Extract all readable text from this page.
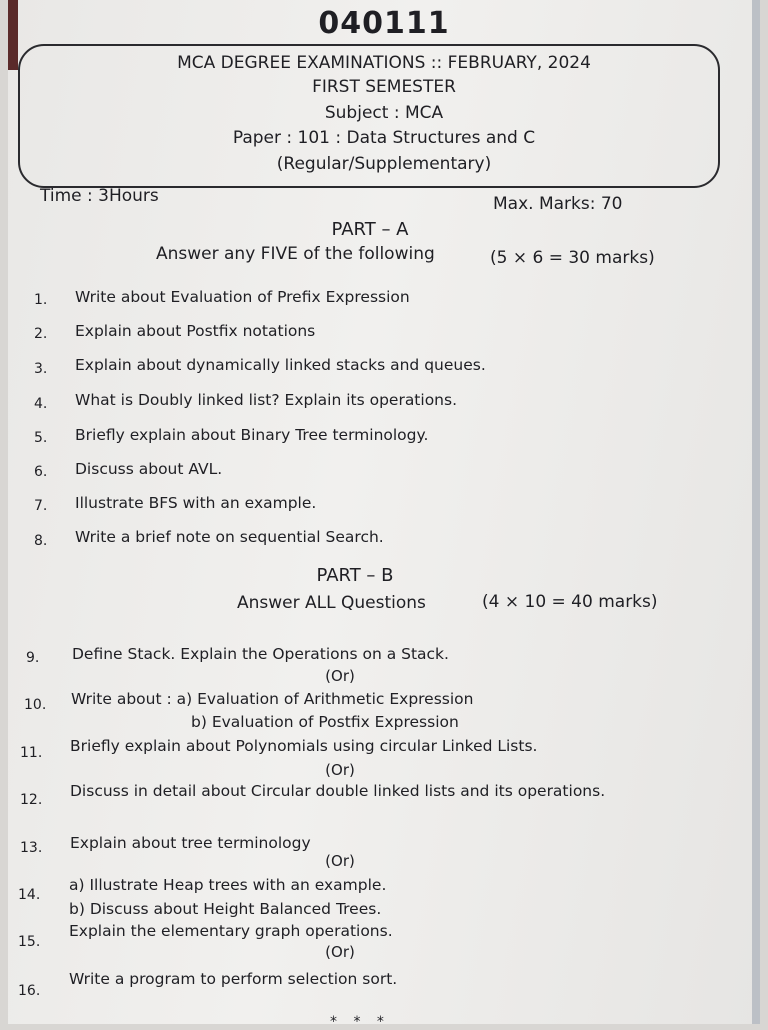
040111
MCA DEGREE EXAMINATIONS :: FEBRUARY, 2024
FIRST SEMESTER
Subject : MCA
Paper : 101 : Data Structures and C
(Regular/Supplementary)
Time : 3Hours	Max. Marks: 70
PART – A
Answer any FIVE of the following	(5 × 6 = 30 marks)
1. Write about Evaluation of Prefix Expression
2. Explain about Postfix notations
3. Explain about dynamically linked stacks and queues.
4. What is Doubly linked list? Explain its operations.
5. Briefly explain about Binary Tree terminology.
6. Discuss about AVL.
7. Illustrate BFS with an example.
8. Write a brief note on sequential Search.
PART – B
Answer ALL Questions	(4 × 10 = 40 marks)
9. Define Stack. Explain the Operations on a Stack.
(Or)
10. Write about : a) Evaluation of Arithmetic Expression
b) Evaluation of Postfix Expression
11. Briefly explain about Polynomials using circular Linked Lists.
(Or)
12. Discuss in detail about Circular double linked lists and its operations.
13. Explain about tree terminology
(Or)
14.
a) Illustrate Heap trees with an example.
b) Discuss about Height Balanced Trees.
15.
Explain the elementary graph operations.
(Or)
16.
Write a program to perform selection sort.
* * *
